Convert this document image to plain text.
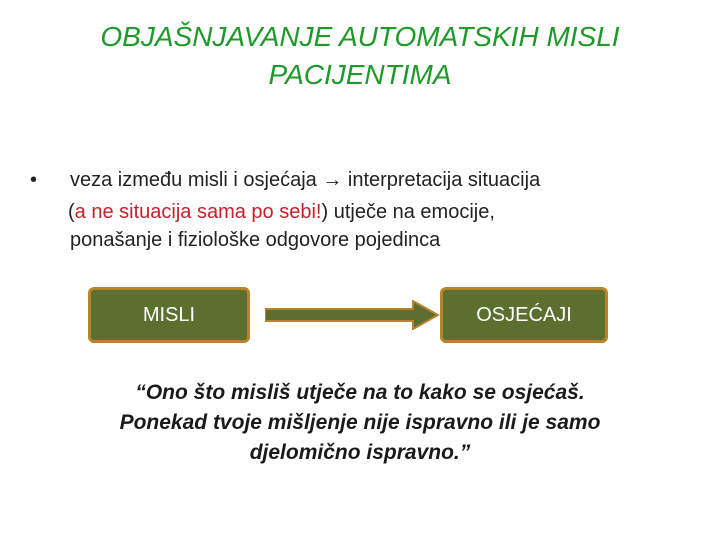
OBJAŠNJAVANJE AUTOMATSKIH MISLI
PACIJENTIMA
• veza između misli i osjećaja → interpretacija situacija
(a ne situacija sama po sebi!) utječe na emocije,
ponašanje i fiziološke odgovore pojedinca
MISLI	OSJEĆAJI
“Ono što misliš utječe na to kako se osjećaš.
Ponekad tvoje mišljenje nije ispravno ili je samo
djelomično ispravno.”
